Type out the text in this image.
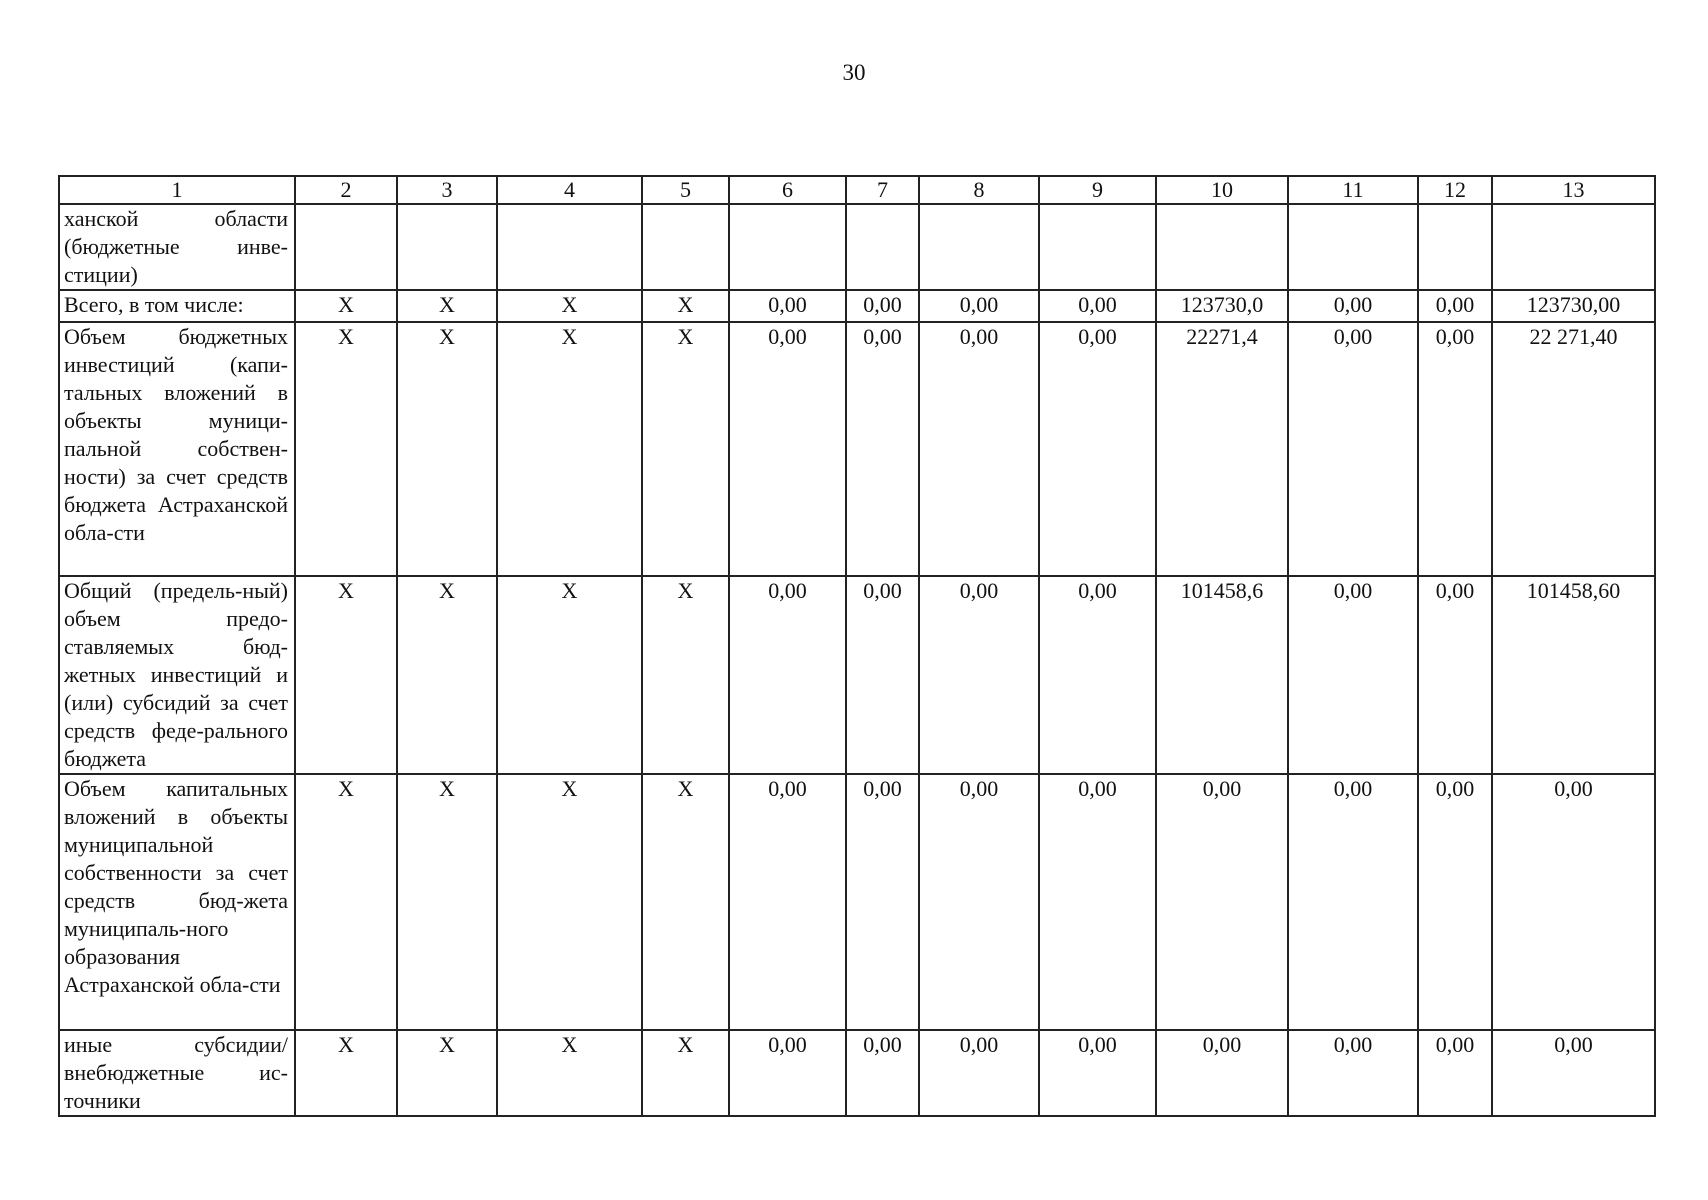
30
1	2	3	4	5	6	7	8	9	10	11	12	13
ханской области (бюджетные инве-стиции)												
Всего, в том числе:	X	X	X	X	0,00	0,00	0,00	0,00	123730,0	0,00	0,00	123730,00
Объем бюджетных инвестиций (капи-тальных вложений в объекты муници-пальной собствен-ности) за счет средств бюджета Астраханской обла-сти	X	X	X	X	0,00	0,00	0,00	0,00	22271,4	0,00	0,00	22 271,40
Общий (предель-ный) объем предо-ставляемых бюд-жетных инвестиций и (или) субсидий за счет средств феде-рального бюджета	X	X	X	X	0,00	0,00	0,00	0,00	101458,6	0,00	0,00	101458,60
Объем капитальных вложений в объекты муниципальной собственности за счет средств бюд-жета муниципаль-ного образования Астраханской обла-сти	X	X	X	X	0,00	0,00	0,00	0,00	0,00	0,00	0,00	0,00
иные субсидии/ внебюджетные ис-точники	X	X	X	X	0,00	0,00	0,00	0,00	0,00	0,00	0,00	0,00
